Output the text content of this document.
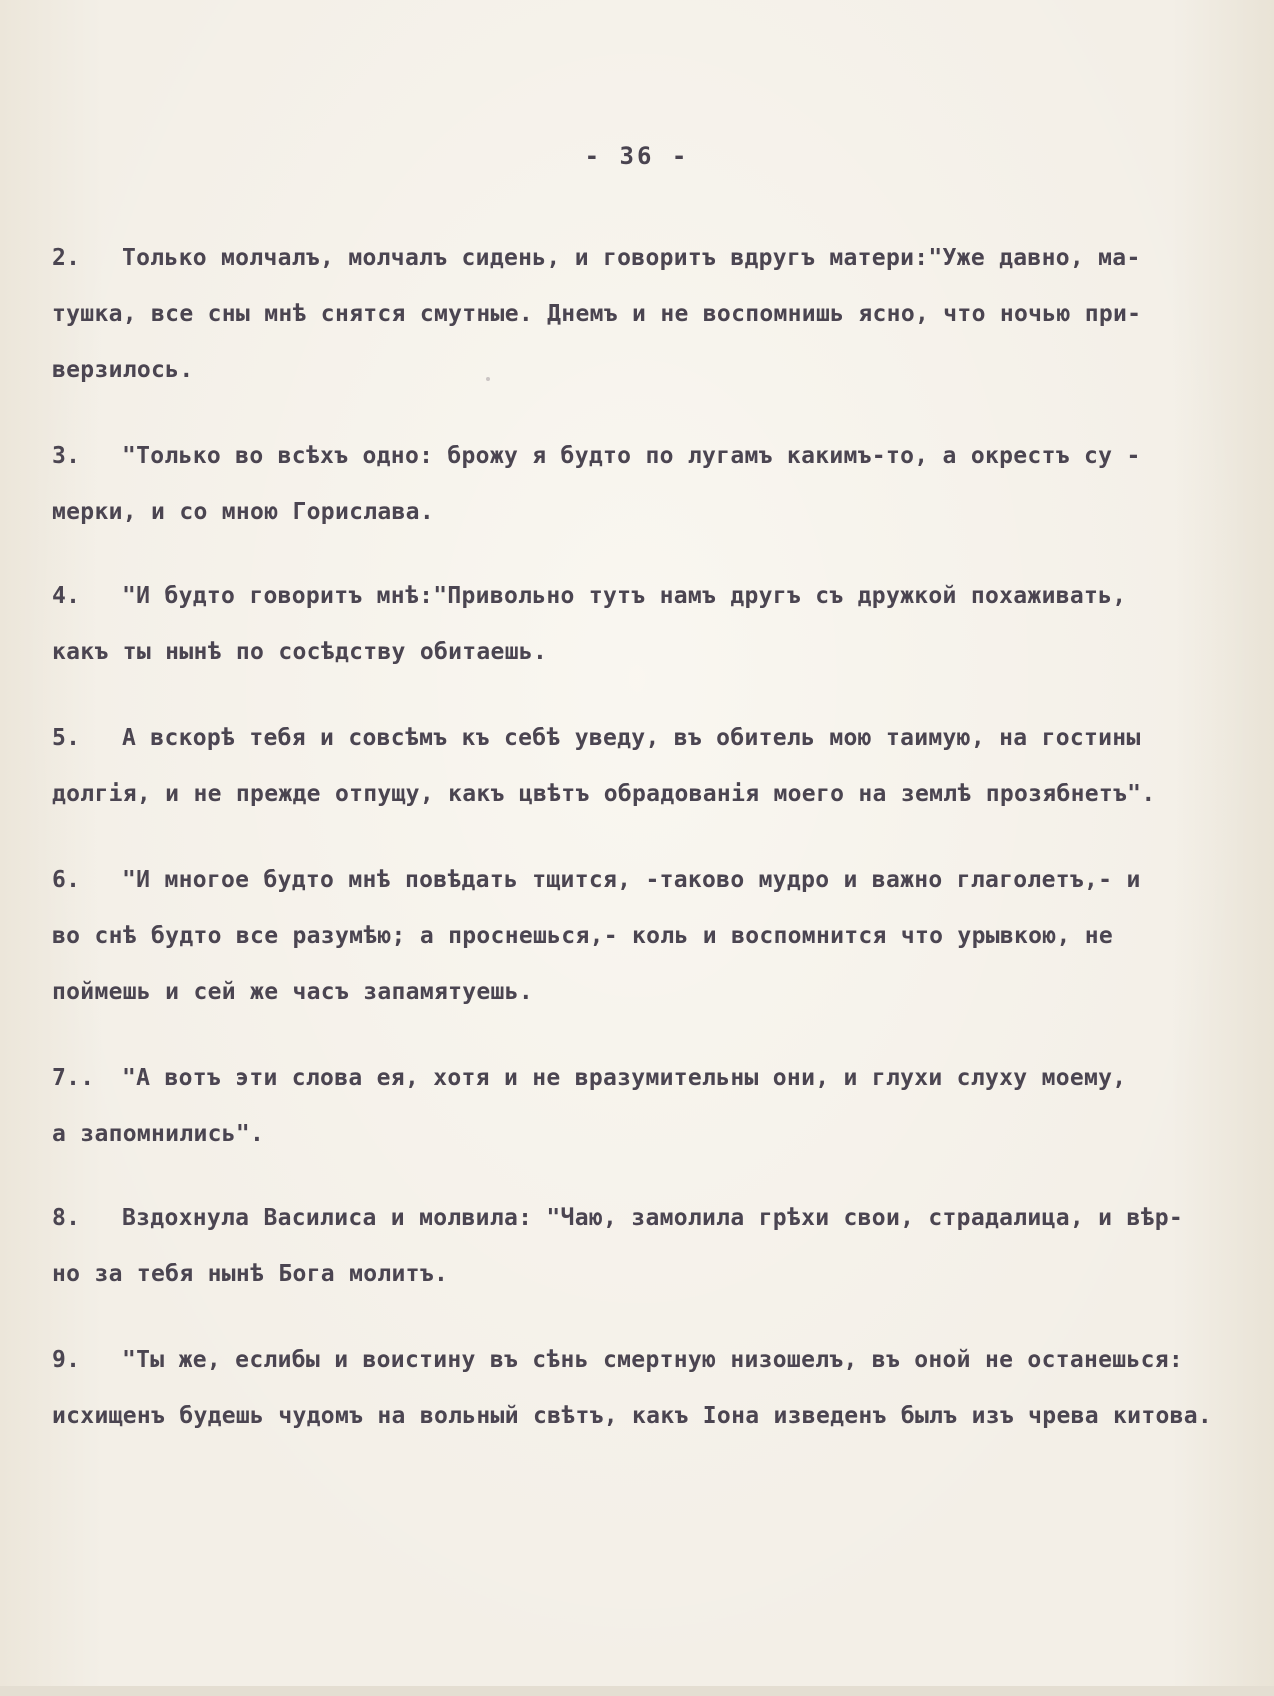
- 36 -
2. Только молчалъ, молчалъ сидень, и говоритъ вдругъ матери:"Уже давно, ма-
тушка, все сны мнѣ снятся смутные. Днемъ и не воспомнишь ясно, что ночью при-
верзилось.
3. "Только во всѣхъ одно: брожу я будто по лугамъ какимъ-то, а окрестъ су -
мерки, и со мною Горислава.
4. "И будто говоритъ мнѣ:"Привольно тутъ намъ другъ съ дружкой похаживать,
какъ ты нынѣ по сосѣдству обитаешь.
5. А вскорѣ тебя и совсѣмъ къ себѣ уведу, въ обитель мою таимую, на гостины
долгія, и не прежде отпущу, какъ цвѣтъ обрадованія моего на землѣ прозябнетъ".
6. "И многое будто мнѣ повѣдать тщится, -таково мудро и важно глаголетъ,- и
во снѣ будто все разумѣю; а проснешься,- коль и воспомнится что урывкою, не
поймешь и сей же часъ запамятуешь.
7.. "А вотъ эти слова ея, хотя и не вразумительны они, и глухи слуху моему,
а запомнились".
8. Вздохнула Василиса и молвила: "Чаю, замолила грѣхи свои, страдалица, и вѣр-
но за тебя нынѣ Бога молитъ.
9. "Ты же, еслибы и воистину въ сѣнь смертную низошелъ, въ оной не останешься:
исхищенъ будешь чудомъ на вольный свѣтъ, какъ Іона изведенъ былъ изъ чрева китова.
